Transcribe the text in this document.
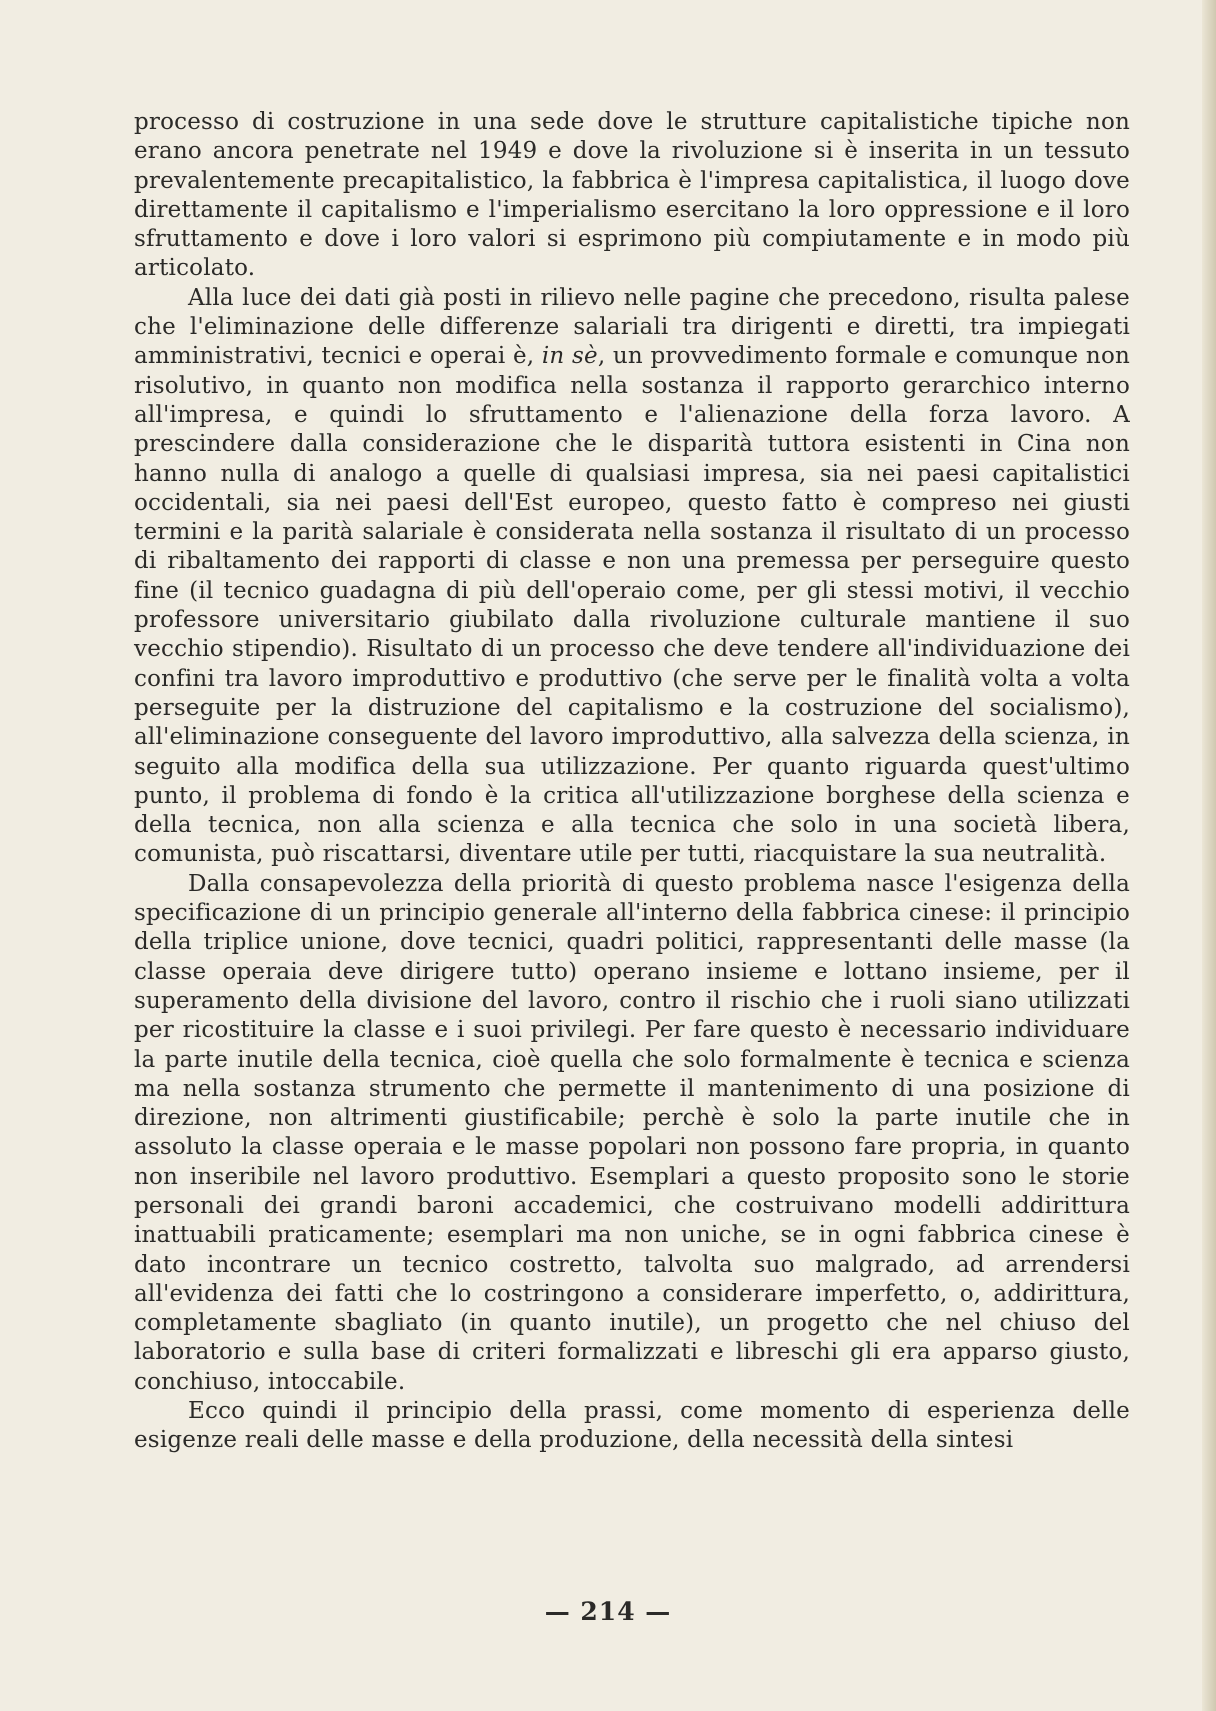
processo di costruzione in una sede dove le strutture capitalistiche tipiche non erano ancora penetrate nel 1949 e dove la rivoluzione si è inserita in un tessuto prevalentemente precapitalistico, la fabbrica è l'impresa capitalistica, il luogo dove direttamente il capitalismo e l'imperialismo esercitano la loro oppressione e il loro sfruttamento e dove i loro valori si esprimono più compiutamente e in modo più articolato.

Alla luce dei dati già posti in rilievo nelle pagine che precedono, risulta palese che l'eliminazione delle differenze salariali tra dirigenti e diretti, tra impiegati amministrativi, tecnici e operai è, in sè, un provvedimento formale e comunque non risolutivo, in quanto non modifica nella sostanza il rapporto gerarchico interno all'impresa, e quindi lo sfruttamento e l'alienazione della forza lavoro. A prescindere dalla considerazione che le disparità tuttora esistenti in Cina non hanno nulla di analogo a quelle di qualsiasi impresa, sia nei paesi capitalistici occidentali, sia nei paesi dell'Est europeo, questo fatto è compreso nei giusti termini e la parità salariale è considerata nella sostanza il risultato di un processo di ribaltamento dei rapporti di classe e non una premessa per perseguire questo fine (il tecnico guadagna di più dell'operaio come, per gli stessi motivi, il vecchio professore universitario giubilato dalla rivoluzione culturale mantiene il suo vecchio stipendio). Risultato di un processo che deve tendere all'individuazione dei confini tra lavoro improduttivo e produttivo (che serve per le finalità volta a volta perseguite per la distruzione del capitalismo e la costruzione del socialismo), all'eliminazione conseguente del lavoro improduttivo, alla salvezza della scienza, in seguito alla modifica della sua utilizzazione. Per quanto riguarda quest'ultimo punto, il problema di fondo è la critica all'utilizzazione borghese della scienza e della tecnica, non alla scienza e alla tecnica che solo in una società libera, comunista, può riscattarsi, diventare utile per tutti, riacquistare la sua neutralità.

Dalla consapevolezza della priorità di questo problema nasce l'esigenza della specificazione di un principio generale all'interno della fabbrica cinese: il principio della triplice unione, dove tecnici, quadri politici, rappresentanti delle masse (la classe operaia deve dirigere tutto) operano insieme e lottano insieme, per il superamento della divisione del lavoro, contro il rischio che i ruoli siano utilizzati per ricostituire la classe e i suoi privilegi. Per fare questo è necessario individuare la parte inutile della tecnica, cioè quella che solo formalmente è tecnica e scienza ma nella sostanza strumento che permette il mantenimento di una posizione di direzione, non altrimenti giustificabile; perchè è solo la parte inutile che in assoluto la classe operaia e le masse popolari non possono fare propria, in quanto non inseribile nel lavoro produttivo. Esemplari a questo proposito sono le storie personali dei grandi baroni accademici, che costruivano modelli addirittura inattuabili praticamente; esemplari ma non uniche, se in ogni fabbrica cinese è dato incontrare un tecnico costretto, talvolta suo malgrado, ad arrendersi all'evidenza dei fatti che lo costringono a considerare imperfetto, o, addirittura, completamente sbagliato (in quanto inutile), un progetto che nel chiuso del laboratorio e sulla base di criteri formalizzati e libreschi gli era apparso giusto, conchiuso, intoccabile.

Ecco quindi il principio della prassi, come momento di esperienza delle esigenze reali delle masse e della produzione, della necessità della sintesi

— 214 —
